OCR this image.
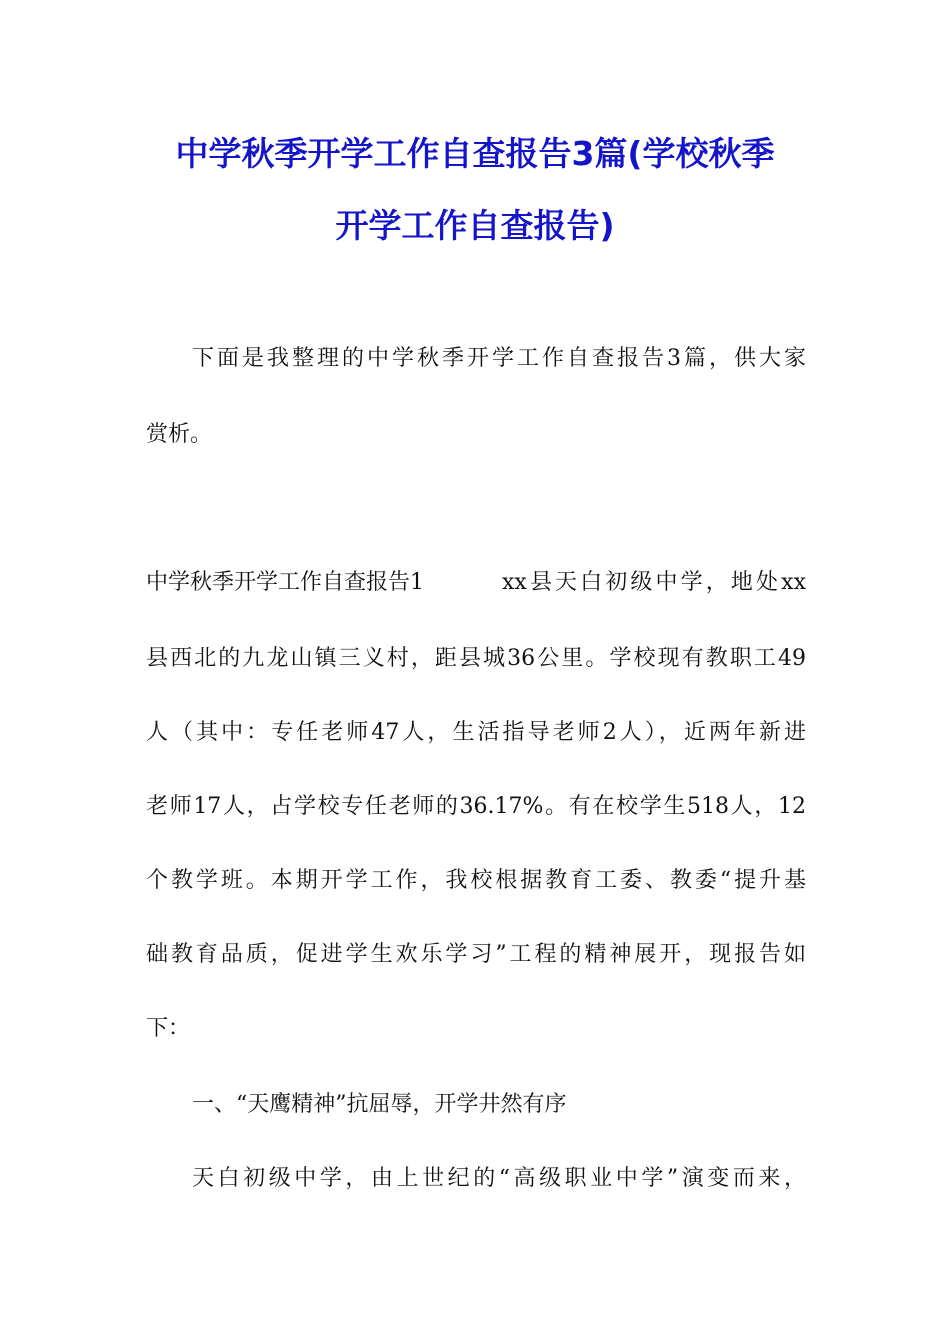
中学秋季开学工作自查报告3篇(学校秋季
开学工作自查报告)

下面是我整理的中学秋季开学工作自查报告3篇，供大家

赏析。

中学秋季开学工作自查报告1	xx县天白初级中学，地处xx

县西北的九龙山镇三义村，距县城36公里。学校现有教职工49

人（其中：专任老师47人，生活指导老师2人），近两年新进

老师17人，占学校专任老师的36.17%。有在校学生518人，12

个教学班。本期开学工作，我校根据教育工委、教委“提升基

础教育品质，促进学生欢乐学习”工程的精神展开，现报告如

下：

一、“天鹰精神”抗屈辱，开学井然有序

天白初级中学，由上世纪的“高级职业中学”演变而来，
